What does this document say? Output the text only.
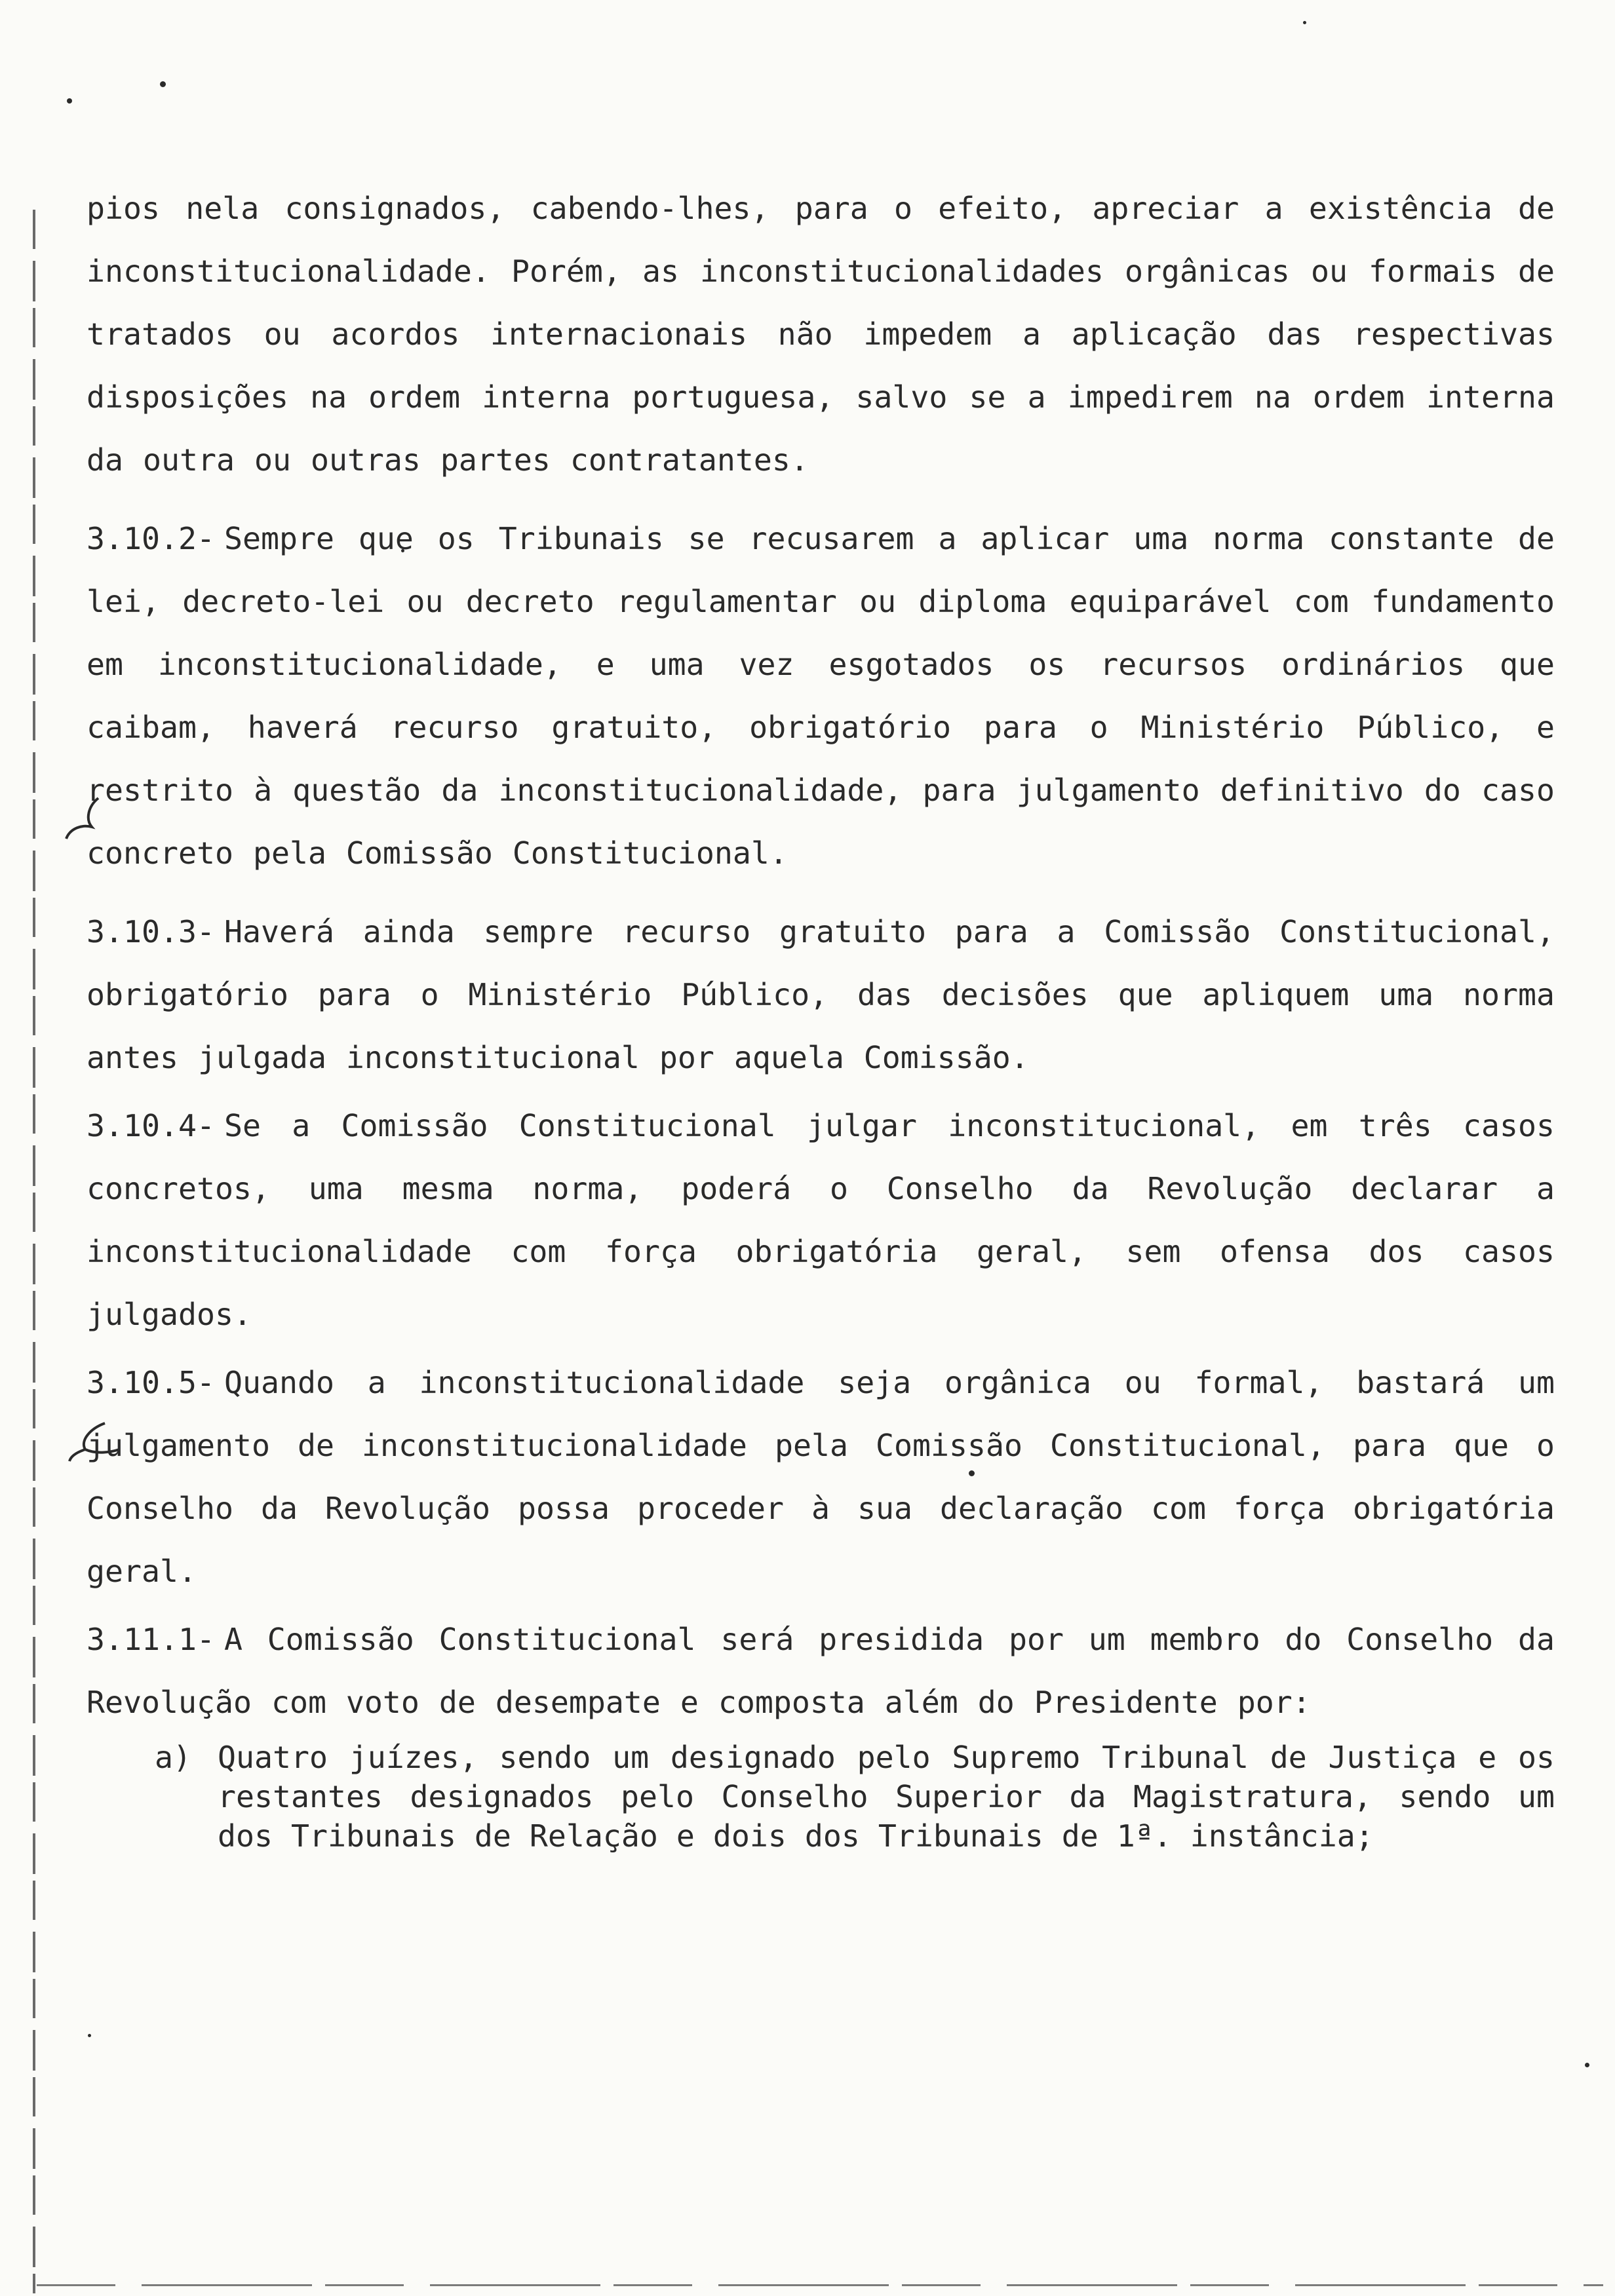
pios nela consignados, cabendo-lhes, para o efeito, apreciar a existência de inconstitucionalidade. Porém, as inconstitucionalidades orgânicas ou formais de tratados ou acordos internacionais não impedem a aplicação das respectivas disposições na ordem interna portuguesa, salvo se a impedirem na ordem interna da outra ou outras partes contratantes.

3.10.2- Sempre que os Tribunais se recusarem a aplicar uma norma constante de lei, decreto-lei ou decreto regulamentar ou diploma equiparável com fundamento em inconstitucionalidade, e uma vez esgotados os recursos ordinários que caibam, haverá recurso gratuito, obrigatório para o Ministério Público, e restrito à questão da inconstitucionalidade, para julgamento definitivo do caso concreto pela Comissão Constitucional.

3.10.3- Haverá ainda sempre recurso gratuito para a Comissão Constitucional, obrigatório para o Ministério Público, das decisões que apliquem uma norma antes julgada inconstitucional por aquela Comissão.

3.10.4- Se a Comissão Constitucional julgar inconstitucional, em três casos concretos, uma mesma norma, poderá o Conselho da Revolução declarar a inconstitucionalidade com força obrigatória geral, sem ofensa dos casos julgados.

3.10.5- Quando a inconstitucionalidade seja orgânica ou formal, bastará um julgamento de inconstitucionalidade pela Comissão Constitucional, para que o Conselho da Revolução possa proceder à sua declaração com força obrigatória geral.

3.11.1- A Comissão Constitucional será presidida por um membro do Conselho da Revolução com voto de desempate e composta além do Presidente por:

a) Quatro juízes, sendo um designado pelo Supremo Tribunal de Justiça e os restantes designados pelo Conselho Superior da Magistratura, sendo um dos Tribunais de Relação e dois dos Tribunais de 1ª. instância;
